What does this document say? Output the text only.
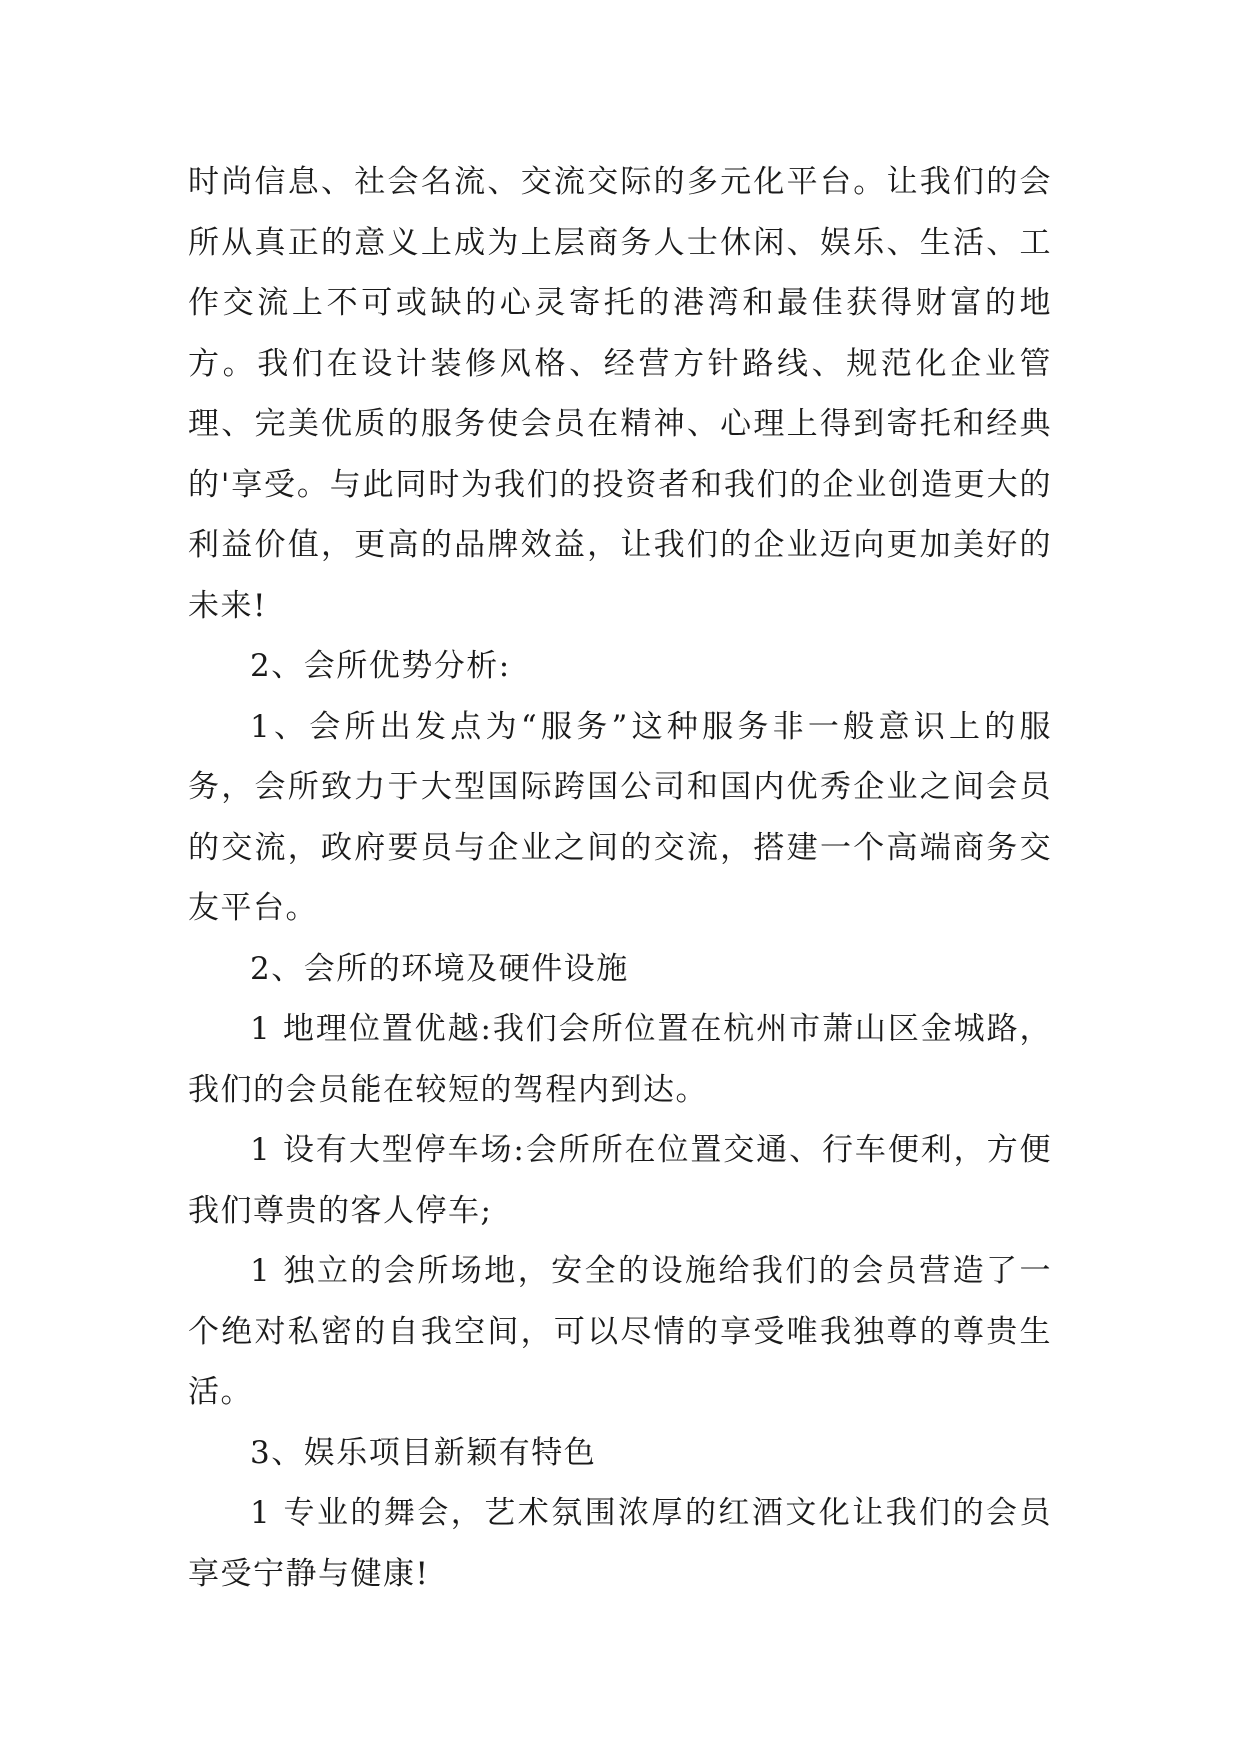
时尚信息、社会名流、交流交际的多元化平台。让我们的会所从真正的意义上成为上层商务人士休闲、娱乐、生活、工作交流上不可或缺的心灵寄托的港湾和最佳获得财富的地方。我们在设计装修风格、经营方针路线、规范化企业管理、完美优质的服务使会员在精神、心理上得到寄托和经典的'享受。与此同时为我们的投资者和我们的企业创造更大的利益价值，更高的品牌效益，让我们的企业迈向更加美好的未来!

2、会所优势分析:

1、会所出发点为“服务”这种服务非一般意识上的服务，会所致力于大型国际跨国公司和国内优秀企业之间会员的交流，政府要员与企业之间的交流，搭建一个高端商务交友平台。

2、会所的环境及硬件设施

1 地理位置优越:我们会所位置在杭州市萧山区金城路，我们的会员能在较短的驾程内到达。

1 设有大型停车场:会所所在位置交通、行车便利，方便我们尊贵的客人停车;

1 独立的会所场地，安全的设施给我们的会员营造了一个绝对私密的自我空间，可以尽情的享受唯我独尊的尊贵生活。

3、娱乐项目新颖有特色

1 专业的舞会，艺术氛围浓厚的红酒文化让我们的会员享受宁静与健康!
